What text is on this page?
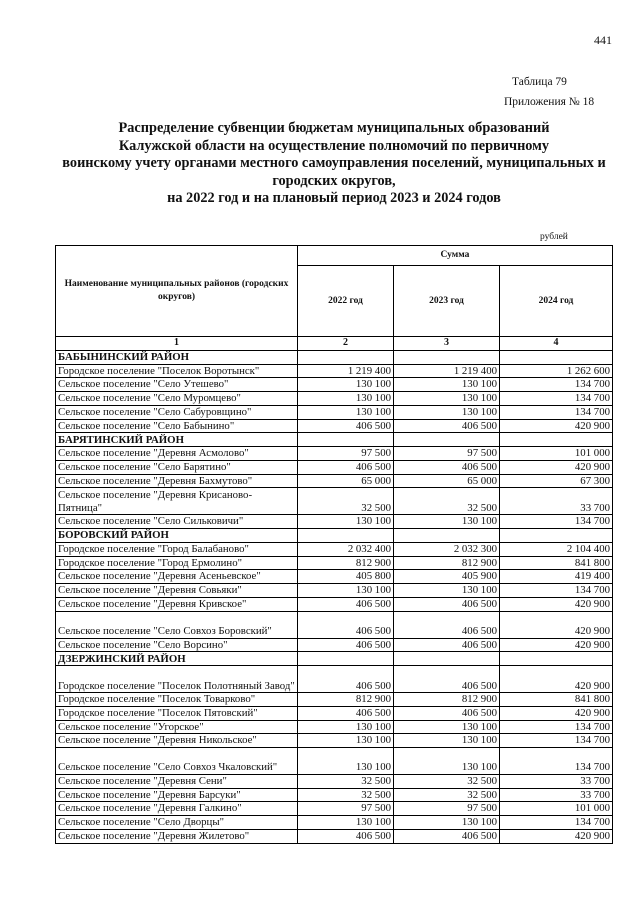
441
Таблица 79
Приложения № 18
Распределение субвенции бюджетам муниципальных образований
Калужской области на осуществление полномочий по первичному
воинскому учету органами местного самоуправления поселений, муниципальных и
городских округов,
на 2022 год и на плановый период 2023 и 2024 годов
рублей
Наименование муниципальных районов (городских округов)	Сумма		
	2022 год	2023 год	2024 год
1	2	3	4
БАБЫНИНСКИЙ РАЙОН			
Городское поселение "Поселок Воротынск"	1 219 400	1 219 400	1 262 600
Сельское поселение "Село Утешево"	130 100	130 100	134 700
Сельское поселение "Село Муромцево"	130 100	130 100	134 700
Сельское поселение "Село Сабуровщино"	130 100	130 100	134 700
Сельское поселение "Село Бабынино"	406 500	406 500	420 900
БАРЯТИНСКИЙ РАЙОН			
Сельское поселение "Деревня Асмолово"	97 500	97 500	101 000
Сельское поселение "Село Барятино"	406 500	406 500	420 900
Сельское поселение "Деревня Бахмутово"	65 000	65 000	67 300
Сельское поселение "Деревня Крисаново-Пятница"	32 500	32 500	33 700
Сельское поселение "Село Сильковичи"	130 100	130 100	134 700
БОРОВСКИЙ РАЙОН			
Городское поселение "Город Балабаново"	2 032 400	2 032 300	2 104 400
Городское поселение "Город Ермолино"	812 900	812 900	841 800
Сельское поселение "Деревня Асеньевское"	405 800	405 900	419 400
Сельское поселение "Деревня Совьяки"	130 100	130 100	134 700
Сельское поселение "Деревня Кривское"	406 500	406 500	420 900
Сельское поселение "Село Совхоз Боровский"	406 500	406 500	420 900
Сельское поселение "Село Ворсино"	406 500	406 500	420 900
ДЗЕРЖИНСКИЙ РАЙОН			
Городское поселение "Поселок Полотняный Завод"	406 500	406 500	420 900
Городское поселение "Поселок Товарково"	812 900	812 900	841 800
Городское поселение "Поселок Пятовский"	406 500	406 500	420 900
Сельское поселение "Угорское"	130 100	130 100	134 700
Сельское поселение "Деревня Никольское"	130 100	130 100	134 700
Сельское поселение "Село Совхоз Чкаловский"	130 100	130 100	134 700
Сельское поселение "Деревня Сени"	32 500	32 500	33 700
Сельское поселение "Деревня Барсуки"	32 500	32 500	33 700
Сельское поселение "Деревня Галкино"	97 500	97 500	101 000
Сельское поселение "Село Дворцы"	130 100	130 100	134 700
Сельское поселение "Деревня Жилетово"	406 500	406 500	420 900
